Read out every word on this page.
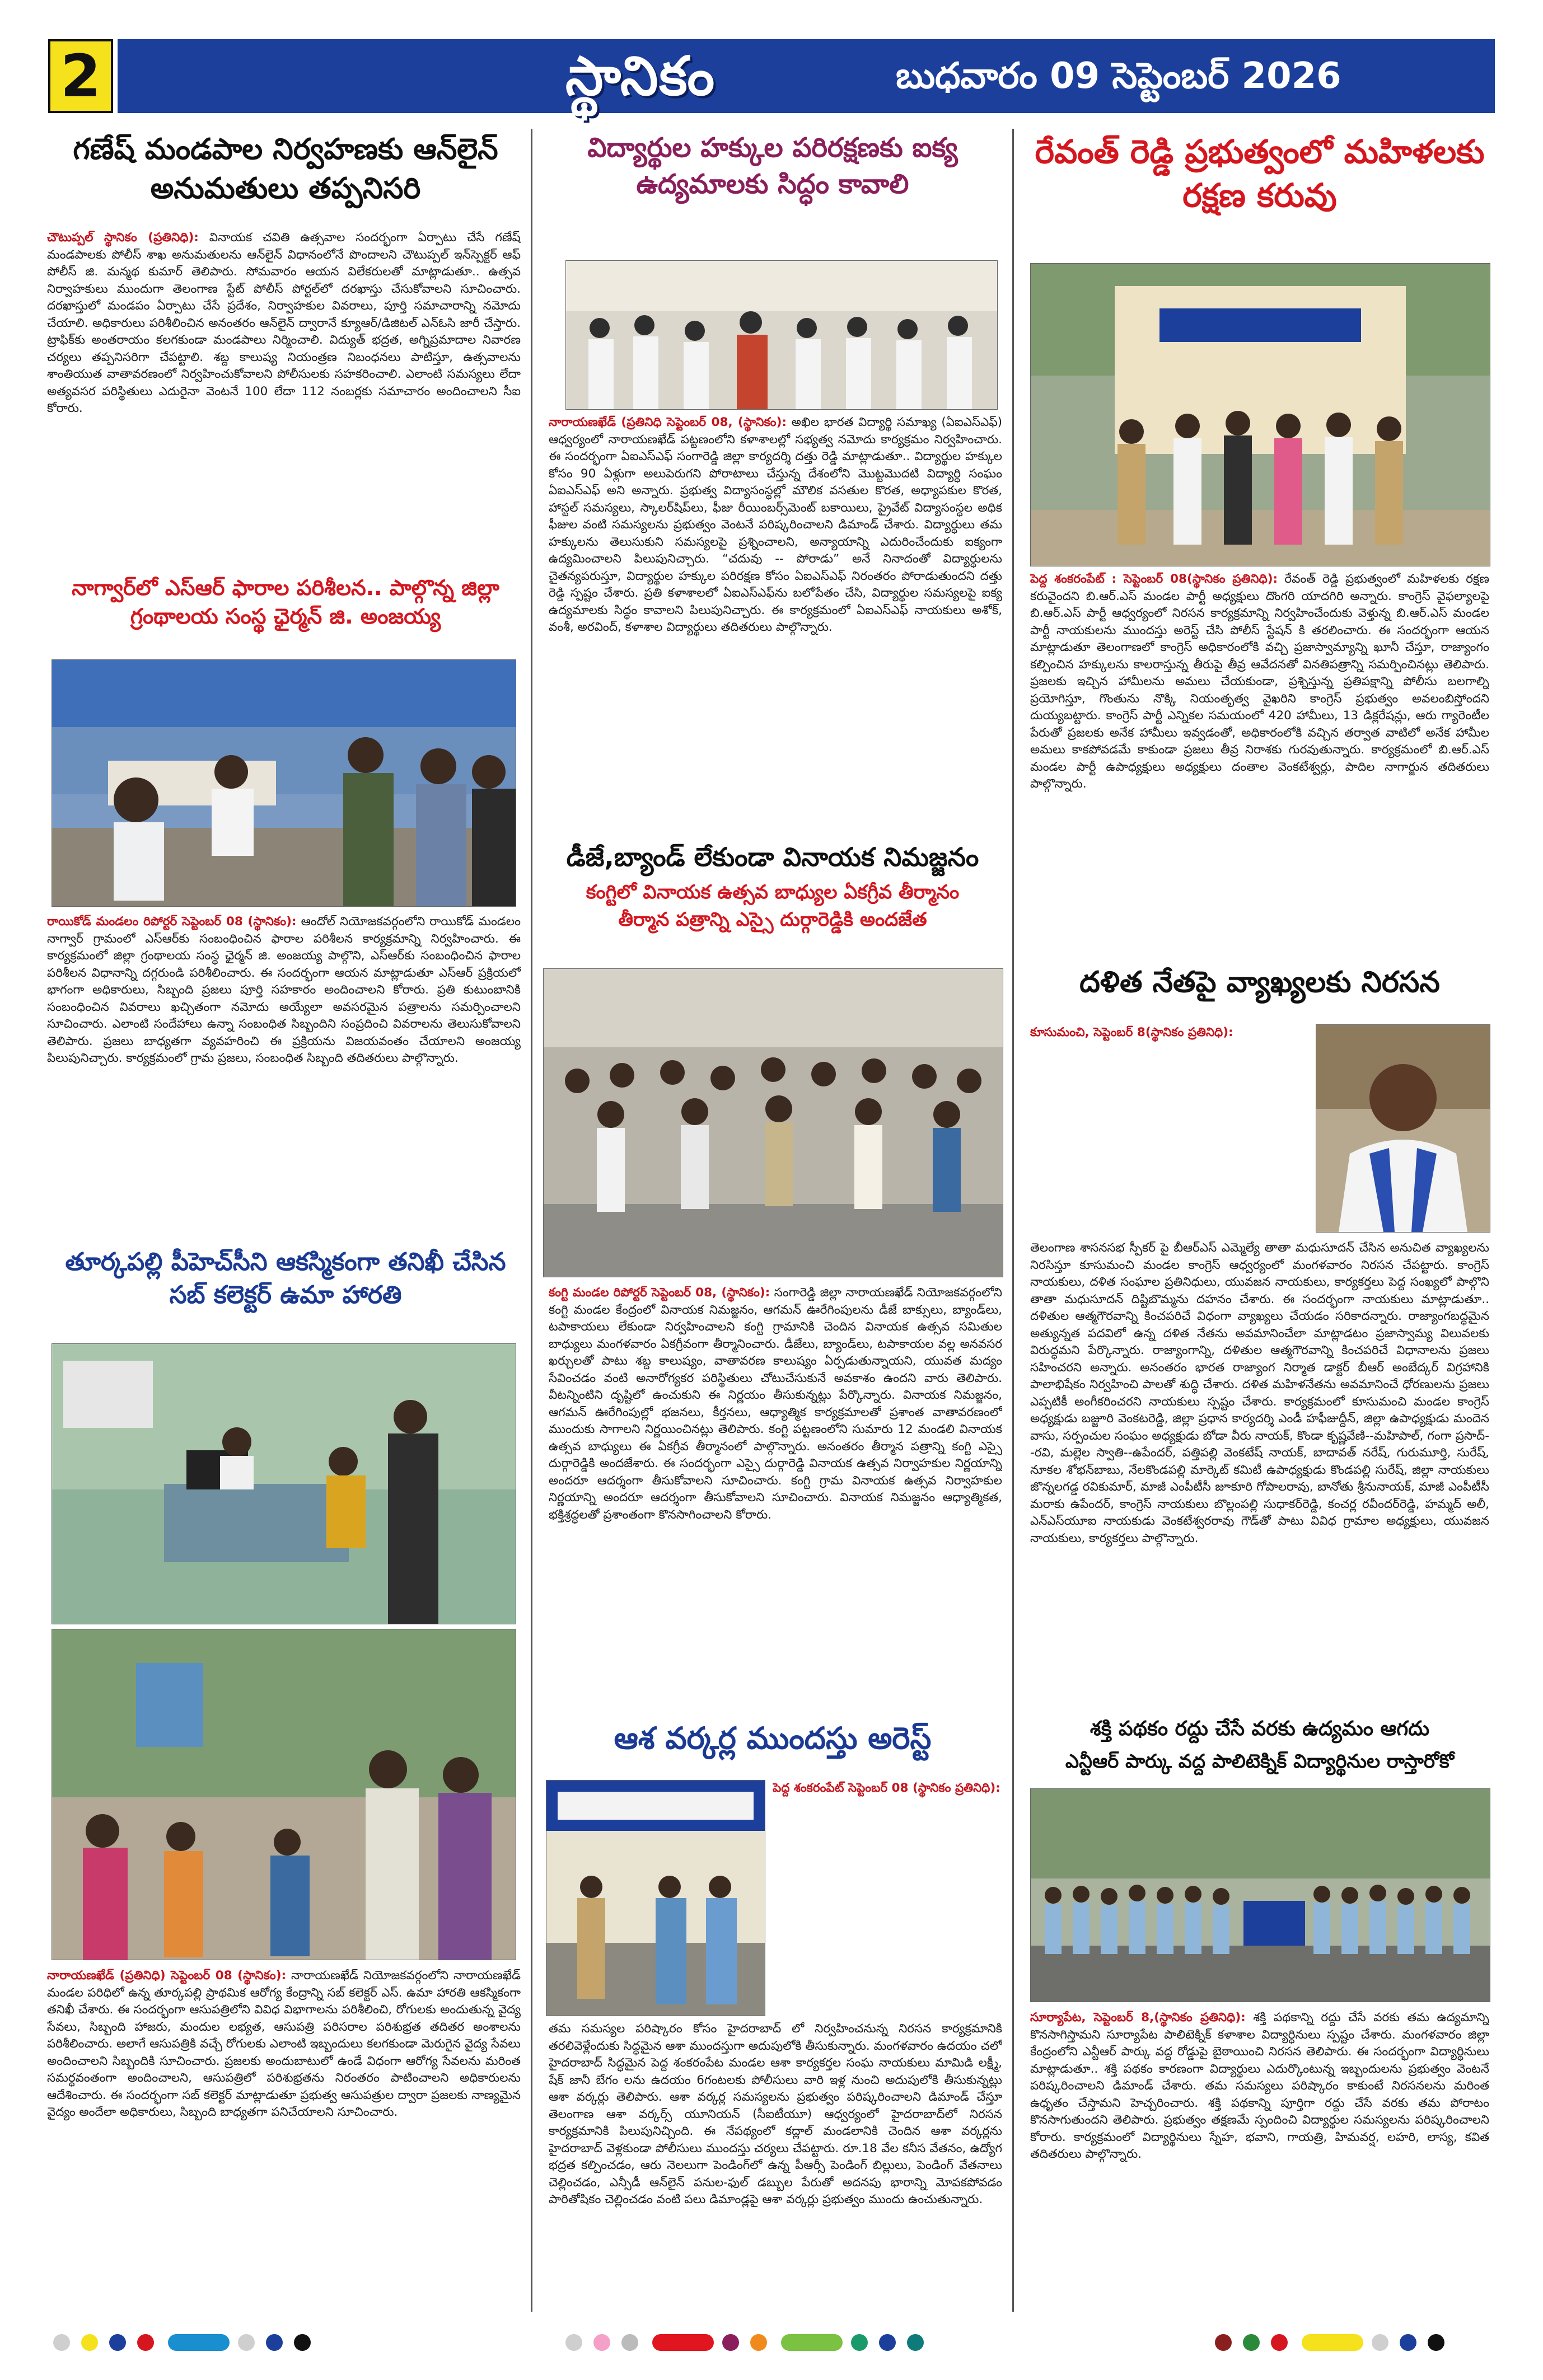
2	స్థానికం	బుధవారం 09 సెప్టెంబర్ 2026
గణేష్ మండపాల నిర్వహణకు ఆన్‌లైన్ అనుమతులు తప్పనిసరి
చౌటుప్పల్ స్థానికం (ప్రతినిధి): వినాయక చవితి ఉత్సవాల సందర్భంగా ఏర్పాటు చేసే గణేష్ మండపాలకు పోలీస్ శాఖ అనుమతులను ఆన్‌లైన్ విధానంలోనే పొందాలని చౌటుప్పల్ ఇన్‌స్పెక్టర్ ఆఫ్ పోలీస్ జి. మన్మథ కుమార్ తెలిపారు. సోమవారం ఆయన విలేకరులతో మాట్లాడుతూ.. ఉత్సవ నిర్వాహకులు ముందుగా తెలంగాణ స్టేట్ పోలీస్ పోర్టల్‌లో దరఖాస్తు చేసుకోవాలని సూచించారు. దరఖాస్తులో మండపం ఏర్పాటు చేసే ప్రదేశం, నిర్వాహకుల వివరాలు, పూర్తి సమాచారాన్ని నమోదు చేయాలి. అధికారులు పరిశీలించిన అనంతరం ఆన్‌లైన్ ద్వారానే క్యూఆర్/డిజిటల్ ఎన్‌ఓసి జారీ చేస్తారు. ట్రాఫిక్‌కు అంతరాయం కలగకుండా మండపాలు నిర్మించాలి. విద్యుత్ భద్రత, అగ్నిప్రమాదాల నివారణ చర్యలు తప్పనిసరిగా చేపట్టాలి. శబ్ద కాలుష్య నియంత్రణ నిబంధనలు పాటిస్తూ, ఉత్సవాలను శాంతియుత వాతావరణంలో నిర్వహించుకోవాలని పోలీసులకు సహకరించాలి. ఎలాంటి సమస్యలు లేదా అత్యవసర పరిస్థితులు ఎదురైనా వెంటనే 100 లేదా 112 నంబర్లకు సమాచారం అందించాలని సీఐ కోరారు.
నాగ్వార్‌లో ఎస్‌ఆర్ ఫారాల పరిశీలన.. పాల్గొన్న జిల్లా గ్రంథాలయ సంస్థ ఛైర్మన్ జి. అంజయ్య
రాయికోడ్ మండలం రిపోర్టర్ సెప్టెంబర్ 08 (స్థానికం): ఆందోల్ నియోజకవర్గంలోని రాయికోడ్ మండలం నాగ్వార్ గ్రామంలో ఎస్‌ఆర్‌కు సంబంధించిన ఫారాల పరిశీలన కార్యక్రమాన్ని నిర్వహించారు. ఈ కార్యక్రమంలో జిల్లా గ్రంథాలయ సంస్థ ఛైర్మన్ జి. అంజయ్య పాల్గొని, ఎస్‌ఆర్‌కు సంబంధించిన ఫారాల పరిశీలన విధానాన్ని దగ్గరుండి పరిశీలించారు. ఈ సందర్భంగా ఆయన మాట్లాడుతూ ఎస్‌ఆర్ ప్రక్రియలో భాగంగా అధికారులు, సిబ్బంది ప్రజలు పూర్తి సహకారం అందించాలని కోరారు. ప్రతి కుటుంబానికి సంబంధించిన వివరాలు ఖచ్చితంగా నమోదు అయ్యేలా అవసరమైన పత్రాలను సమర్పించాలని సూచించారు. ఎలాంటి సందేహాలు ఉన్నా సంబంధిత సిబ్బందిని సంప్రదించి వివరాలను తెలుసుకోవాలని తెలిపారు. ప్రజలు బాధ్యతగా వ్యవహరించి ఈ ప్రక్రియను విజయవంతం చేయాలని అంజయ్య పిలుపునిచ్చారు. కార్యక్రమంలో గ్రామ ప్రజలు, సంబంధిత సిబ్బంది తదితరులు పాల్గొన్నారు.
తూర్కపల్లి పీహెచ్‌సీని ఆకస్మికంగా తనిఖీ చేసిన సబ్ కలెక్టర్ ఉమా హారతి
నారాయణఖేడ్ (ప్రతినిధి) సెప్టెంబర్ 08 (స్థానికం): నారాయణఖేడ్ నియోజకవర్గంలోని నారాయణఖేడ్ మండల పరిధిలో ఉన్న తూర్కపల్లి ప్రాథమిక ఆరోగ్య కేంద్రాన్ని సబ్ కలెక్టర్ ఎస్. ఉమా హారతి ఆకస్మికంగా తనిఖీ చేశారు. ఈ సందర్భంగా ఆసుపత్రిలోని వివిధ విభాగాలను పరిశీలించి, రోగులకు అందుతున్న వైద్య సేవలు, సిబ్బంది హాజరు, మందుల లభ్యత, ఆసుపత్రి పరిసరాల పరిశుభ్రత తదితర అంశాలను పరిశీలించారు. అలాగే ఆసుపత్రికి వచ్చే రోగులకు ఎలాంటి ఇబ్బందులు కలగకుండా మెరుగైన వైద్య సేవలు అందించాలని సిబ్బందికి సూచించారు. ప్రజలకు అందుబాటులో ఉండే విధంగా ఆరోగ్య సేవలను మరింత సమర్థవంతంగా అందించాలని, ఆసుపత్రిలో పరిశుభ్రతను నిరంతరం పాటించాలని అధికారులను ఆదేశించారు. ఈ సందర్భంగా సబ్ కలెక్టర్ మాట్లాడుతూ ప్రభుత్వ ఆసుపత్రుల ద్వారా ప్రజలకు నాణ్యమైన వైద్యం అందేలా అధికారులు, సిబ్బంది బాధ్యతగా పనిచేయాలని సూచించారు.
విద్యార్థుల హక్కుల పరిరక్షణకు ఐక్య ఉద్యమాలకు సిద్ధం కావాలి
నారాయణఖేడ్ (ప్రతినిధి సెప్టెంబర్ 08, (స్థానికం): అఖిల భారత విద్యార్థి సమాఖ్య (ఏఐఎస్ఎఫ్) ఆధ్వర్యంలో నారాయణఖేడ్ పట్టణంలోని కళాశాలల్లో సభ్యత్వ నమోదు కార్యక్రమం నిర్వహించారు. ఈ సందర్భంగా ఏఐఎస్ఎఫ్ సంగారెడ్డి జిల్లా కార్యదర్శి దత్తు రెడ్డి మాట్లాడుతూ.. విద్యార్థుల హక్కుల కోసం 90 ఏళ్లుగా అలుపెరుగని పోరాటాలు చేస్తున్న దేశంలోని మొట్టమొదటి విద్యార్థి సంఘం ఏఐఎస్ఎఫ్ అని అన్నారు. ప్రభుత్వ విద్యాసంస్థల్లో మౌలిక వసతుల కొరత, అధ్యాపకుల కొరత, హాస్టల్ సమస్యలు, స్కాలర్‌షిప్‌లు, ఫీజు రీయింబర్స్‌మెంట్ బకాయిలు, ప్రైవేట్ విద్యాసంస్థల అధిక ఫీజుల వంటి సమస్యలను ప్రభుత్వం వెంటనే పరిష్కరించాలని డిమాండ్ చేశారు. విద్యార్థులు తమ హక్కులను తెలుసుకుని సమస్యలపై ప్రశ్నించాలని, అన్యాయాన్ని ఎదురించేందుకు ఐక్యంగా ఉద్యమించాలని పిలుపునిచ్చారు. “చదువు -- పోరాడు” అనే నినాదంతో విద్యార్థులను చైతన్యపరుస్తూ, విద్యార్థుల హక్కుల పరిరక్షణ కోసం ఏఐఎస్ఎఫ్ నిరంతరం పోరాడుతుందని దత్తు రెడ్డి స్పష్టం చేశారు. ప్రతి కళాశాలలో ఏఐఎస్ఎఫ్‌ను బలోపేతం చేసి, విద్యార్థుల సమస్యలపై ఐక్య ఉద్యమాలకు సిద్ధం కావాలని పిలుపునిచ్చారు. ఈ కార్యక్రమంలో ఏఐఎస్ఎఫ్ నాయకులు అశోక్, వంశీ, అరవింద్, కళాశాల విద్యార్థులు తదితరులు పాల్గొన్నారు.
డీజే,బ్యాండ్ లేకుండా వినాయక నిమజ్జనం
కంగ్టిలో వినాయక ఉత్సవ బాధ్యుల ఏకగ్రీవ తీర్మానం తీర్మాన పత్రాన్ని ఎస్సై దుర్గారెడ్డికి అందజేత
కంగ్టి మండల రిపోర్టర్ సెప్టెంబర్ 08, (స్థానికం): సంగారెడ్డి జిల్లా నారాయణఖేడ్ నియోజకవర్గంలోని కంగ్టి మండల కేంద్రంలో వినాయక నిమజ్జనం, ఆగమన్ ఊరేగింపులను డీజే బాక్సులు, బ్యాండ్‌లు, టపాకాయలు లేకుండా నిర్వహించాలని కంగ్టి గ్రామానికి చెందిన వినాయక ఉత్సవ సమితుల బాధ్యులు మంగళవారం ఏకగ్రీవంగా తీర్మానించారు. డీజేలు, బ్యాండ్‌లు, టపాకాయల వల్ల అనవసర ఖర్చులతో పాటు శబ్ద కాలుష్యం, వాతావరణ కాలుష్యం ఏర్పడుతున్నాయని, యువత మద్యం సేవించడం వంటి అనారోగ్యకర పరిస్థితులు చోటుచేసుకునే అవకాశం ఉందని వారు తెలిపారు. వీటన్నింటిని దృష్టిలో ఉంచుకుని ఈ నిర్ణయం తీసుకున్నట్లు పేర్కొన్నారు. వినాయక నిమజ్జనం, ఆగమన్ ఊరేగింపుల్లో భజనలు, కీర్తనలు, ఆధ్యాత్మిక కార్యక్రమాలతో ప్రశాంత వాతావరణంలో ముందుకు సాగాలని నిర్ణయించినట్లు తెలిపారు. కంగ్టి పట్టణంలోని సుమారు 12 మండలి వినాయక ఉత్సవ బాధ్యులు ఈ ఏకగ్రీవ తీర్మానంలో పాల్గొన్నారు. అనంతరం తీర్మాన పత్రాన్ని కంగ్టి ఎస్సై దుర్గారెడ్డికి అందజేశారు. ఈ సందర్భంగా ఎస్సై దుర్గారెడ్డి వినాయక ఉత్సవ నిర్వాహకుల నిర్ణయాన్ని అందరూ ఆదర్శంగా తీసుకోవాలని సూచించారు. కంగ్టి గ్రామ వినాయక ఉత్సవ నిర్వాహకుల నిర్ణయాన్ని అందరూ ఆదర్శంగా తీసుకోవాలని సూచించారు. వినాయక నిమజ్జనం ఆధ్యాత్మికత, భక్తిశ్రద్ధలతో ప్రశాంతంగా కొనసాగించాలని కోరారు.
ఆశ వర్కర్ల ముందస్తు అరెస్ట్
పెద్ద శంకరంపేట్ సెప్టెంబర్ 08 (స్థానికం ప్రతినిధి):
తమ సమస్యల పరిష్కారం కోసం హైదరాబాద్ లో నిర్వహించనున్న నిరసన కార్యక్రమానికి తరలివెళ్లేందుకు సిద్ధమైన ఆశా ముందస్తుగా అదుపులోకి తీసుకున్నారు. మంగళవారం ఉదయం చలో హైదరాబాద్ సిద్ధమైన పెద్ద శంకరంపేట మండల ఆశా కార్యకర్తల సంఘ నాయకులు మామిడి లక్ష్మీ, షేక్ జానీ బేగం లను ఉదయం 6గంటలకు పోలీసులు వారి ఇళ్ల నుంచి అదుపులోకి తీసుకున్నట్లు ఆశా వర్కర్లు తెలిపారు. ఆశా వర్కర్ల సమస్యలను ప్రభుత్వం పరిష్కరించాలని డిమాండ్ చేస్తూ తెలంగాణ ఆశా వర్కర్స్ యూనియన్ (సీఐటీయూ) ఆధ్వర్యంలో హైదరాబాద్‌లో నిరసన కార్యక్రమానికి పిలుపునిచ్చింది. ఈ నేపథ్యంలో కద్లాల్ మండలానికి చెందిన ఆశా వర్కర్లను హైదరాబాద్ వెళ్లకుండా పోలీసులు ముందస్తు చర్యలు చేపట్టారు. రూ.18 వేల కనీస వేతనం, ఉద్యోగ భద్రత కల్పించడం, ఆరు నెలలుగా పెండింగ్‌లో ఉన్న పీఆర్సీ పెండింగ్ బిల్లులు, పెండింగ్ వేతనాలు చెల్లించడం, ఎన్సీడీ ఆన్‌లైన్ పనుల-ఫుల్ డబ్బుల పేరుతో అదనపు భారాన్ని మోపకపోవడం పారితోషికం చెల్లించడం వంటి పలు డిమాండ్లపై ఆశా వర్కర్లు ప్రభుత్వం ముందు ఉంచుతున్నారు.
రేవంత్ రెడ్డి ప్రభుత్వంలో మహిళలకు రక్షణ కరువు
పెద్ద శంకరంపేట్ : సెప్టెంబర్ 08(స్థానికం ప్రతినిధి): రేవంత్ రెడ్డి ప్రభుత్వంలో మహిళలకు రక్షణ కరువైందని బి.ఆర్.ఎస్ మండల పార్టీ అధ్యక్షులు దొంగరి యాదగిరి అన్నారు. కాంగ్రెస్ వైఫల్యాలపై బి.ఆర్.ఎస్ పార్టీ ఆధ్వర్యంలో నిరసన కార్యక్రమాన్ని నిర్వహించేందుకు వెళ్తున్న బి.ఆర్.ఎస్ మండల పార్టీ నాయకులను ముందస్తు అరెస్ట్ చేసి పోలీస్ స్టేషన్ కి తరలించారు. ఈ సందర్భంగా ఆయన మాట్లాడుతూ తెలంగాణలో కాంగ్రెస్ అధికారంలోకి వచ్చి ప్రజాస్వామ్యాన్ని ఖూనీ చేస్తూ, రాజ్యాంగం కల్పించిన హక్కులను కాలరాస్తున్న తీరుపై తీవ్ర ఆవేదనతో వినతిపత్రాన్ని సమర్పించినట్లు తెలిపారు. ప్రజలకు ఇచ్చిన హామీలను అమలు చేయకుండా, ప్రశ్నిస్తున్న ప్రతిపక్షాన్ని పోలీసు బలగాల్ని ప్రయోగిస్తూ, గొంతును నొక్కి నియంతృత్వ వైఖరిని కాంగ్రెస్ ప్రభుత్వం అవలంబిస్తోందని దుయ్యబట్టారు. కాంగ్రెస్ పార్టీ ఎన్నికల సమయంలో 420 హామీలు, 13 డిక్లరేషన్లు, ఆరు గ్యారెంటీల పేరుతో ప్రజలకు అనేక హామీలు ఇవ్వడంతో, అధికారంలోకి వచ్చిన తర్వాత వాటిలో అనేక హామీల అమలు కాకపోవడమే కాకుండా ప్రజలు తీవ్ర నిరాశకు గురవుతున్నారు. కార్యక్రమంలో బి.ఆర్.ఎస్ మండల పార్టీ ఉపాధ్యక్షులు అధ్యక్షులు దంతాల వెంకటేశ్వర్లు, పాదిల నాగార్జున తదితరులు పాల్గొన్నారు.
దళిత నేతపై వ్యాఖ్యలకు నిరసన
కూసుమంచి, సెప్టెంబర్ 8(స్థానికం ప్రతినిధి):
తెలంగాణ శాసనసభ స్పీకర్ పై బీఆర్ఎస్ ఎమ్మెల్యే తాతా మధుసూదన్ చేసిన అనుచిత వ్యాఖ్యలను నిరసిస్తూ కూసుమంచి మండల కాంగ్రెస్ ఆధ్వర్యంలో మంగళవారం నిరసన చేపట్టారు. కాంగ్రెస్ నాయకులు, దళిత సంఘాల ప్రతినిధులు, యువజన నాయకులు, కార్యకర్తలు పెద్ద సంఖ్యలో పాల్గొని తాతా మధుసూదన్ దిష్టిబొమ్మను దహనం చేశారు. ఈ సందర్భంగా నాయకులు మాట్లాడుతూ.. దళితుల ఆత్మగౌరవాన్ని కించపరిచే విధంగా వ్యాఖ్యలు చేయడం సరికాదన్నారు. రాజ్యాంగబద్ధమైన అత్యున్నత పదవిలో ఉన్న దళిత నేతను అవమానించేలా మాట్లాడటం ప్రజాస్వామ్య విలువలకు విరుద్ధమని పేర్కొన్నారు. రాజ్యాంగాన్ని, దళితుల ఆత్మగౌరవాన్ని కించపరిచే విధానాలను ప్రజలు సహించరని అన్నారు. అనంతరం భారత రాజ్యాంగ నిర్మాత డాక్టర్ బీఆర్ అంబేద్కర్ విగ్రహానికి పాలాభిషేకం నిర్వహించి పాలతో శుద్ధి చేశారు. దళిత మహిళనేతను అవమానించే ధోరణులను ప్రజలు ఎప్పటికీ అంగీకరించరని నాయకులు స్పష్టం చేశారు. కార్యక్రమంలో కూసుమంచి మండల కాంగ్రెస్ అధ్యక్షుడు బజ్జూరి వెంకటరెడ్డి, జిల్లా ప్రధాన కార్యదర్శి ఎండీ హఫీజుద్దీన్, జిల్లా ఉపాధ్యక్షుడు మందెన వాసు, సర్పంచుల సంఘం అధ్యక్షుడు బోడా వీరు నాయక్, కొండా కృష్ణవేణి--మహిపాల్, గంగా ప్రసాద్--రవి, మల్లెల స్వాతి--ఉపేందర్, పత్తిపల్లి వెంకటేష్ నాయక్, బాదావత్ నరేష్, గురుమూర్తి, సురేష్, నూకల శోభన్‌బాబు, నేలకొండపల్లి మార్కెట్ కమిటీ ఉపాధ్యక్షుడు కొండపల్లి సురేష్, జిల్లా నాయకులు జొన్నలగడ్డ రవికుమార్, మాజీ ఎంపీటీసీ జూకూరి గోపాలరావు, బానోతు శ్రీనునాయక్, మాజీ ఎంపీటీసీ మరాకు ఉపేందర్, కాంగ్రెస్ నాయకులు బొల్లంపల్లి సుధాకర్‌రెడ్డి, కంచర్ల రవీందర్‌రెడ్డి, హమ్మద్ అలీ, ఎన్ఎస్‌యూఐ నాయకుడు వెంకటేశ్వరరావు గౌడ్‌తో పాటు వివిధ గ్రామాల అధ్యక్షులు, యువజన నాయకులు, కార్యకర్తలు పాల్గొన్నారు.
శక్తి పథకం రద్దు చేసే వరకు ఉద్యమం ఆగదు
ఎన్టీఆర్ పార్కు వద్ద పాలిటెక్నిక్ విద్యార్థినుల రాస్తారోకో
సూర్యాపేట, సెప్టెంబర్ 8,(స్థానికం ప్రతినిధి): శక్తి పథకాన్ని రద్దు చేసే వరకు తమ ఉద్యమాన్ని కొనసాగిస్తామని సూర్యాపేట పాలిటెక్నిక్ కళాశాల విద్యార్థినులు స్పష్టం చేశారు. మంగళవారం జిల్లా కేంద్రంలోని ఎన్టీఆర్ పార్కు వద్ద రోడ్డుపై బైఠాయించి నిరసన తెలిపారు. ఈ సందర్భంగా విద్యార్థినులు మాట్లాడుతూ.. శక్తి పథకం కారణంగా విద్యార్థులు ఎదుర్కొంటున్న ఇబ్బందులను ప్రభుత్వం వెంటనే పరిష్కరించాలని డిమాండ్ చేశారు. తమ సమస్యలు పరిష్కారం కాకుంటే నిరసనలను మరింత ఉధృతం చేస్తామని హెచ్చరించారు. శక్తి పథకాన్ని పూర్తిగా రద్దు చేసే వరకు తమ పోరాటం కొనసాగుతుందని తెలిపారు. ప్రభుత్వం తక్షణమే స్పందించి విద్యార్థుల సమస్యలను పరిష్కరించాలని కోరారు. కార్యక్రమంలో విద్యార్థినులు స్నేహ, భవాని, గాయత్రి, హిమవర్ష, లహరి, లాస్య, కవిత తదితరులు పాల్గొన్నారు.
